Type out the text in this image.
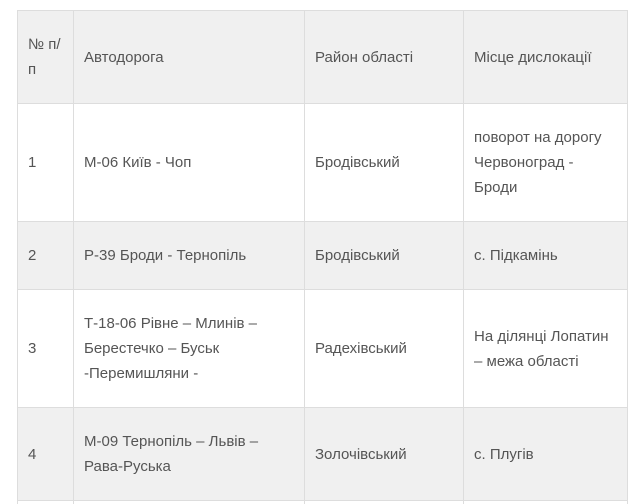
№ п/п	Автодорога	Район області	Місце дислокації
1	М-06 Київ - Чоп	Бродівський	поворот на дорогу Червоноград - Броди
2	Р-39 Броди - Тернопіль	Бродівський	с. Підкамінь
3	Т-18-06 Рівне – Млинів – Берестечко – Буськ -Перемишляни -	Радехівський	На ділянці Лопатин – межа області
4	М-09 Тернопіль – Львів – Рава-Руська	Золочівський	с. Плугів
